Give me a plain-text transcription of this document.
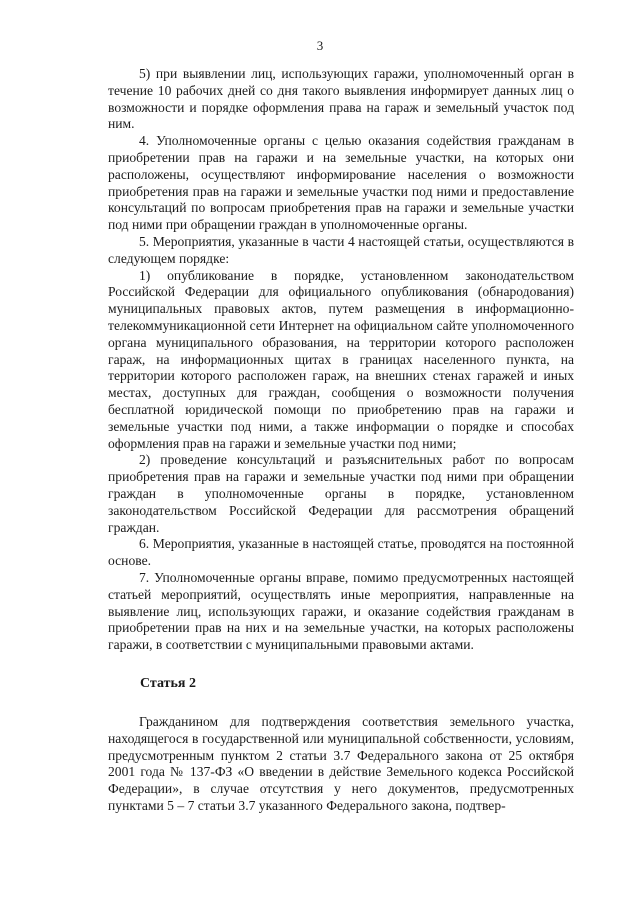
3

5) при выявлении лиц, использующих гаражи, уполномоченный орган в течение 10 рабочих дней со дня такого выявления информирует данных лиц о возможности и порядке оформления права на гараж и земельный участок под ним.

4. Уполномоченные органы с целью оказания содействия гражданам в приобретении прав на гаражи и на земельные участки, на которых они расположены, осуществляют информирование населения о возможности приобретения прав на гаражи и земельные участки под ними и предоставление консультаций по вопросам приобретения прав на гаражи и земельные участки под ними при обращении граждан в уполномоченные органы.

5. Мероприятия, указанные в части 4 настоящей статьи, осуществляются в следующем порядке:

1) опубликование в порядке, установленном законодательством Российской Федерации для официального опубликования (обнародования) муниципальных правовых актов, путем размещения в информационно-телекоммуникационной сети Интернет на официальном сайте уполномоченного органа муниципального образования, на территории которого расположен гараж, на информационных щитах в границах населенного пункта, на территории которого расположен гараж, на внешних стенах гаражей и иных местах, доступных для граждан, сообщения о возможности получения бесплатной юридической помощи по приобретению прав на гаражи и земельные участки под ними, а также информации о порядке и способах оформления прав на гаражи и земельные участки под ними;

2) проведение консультаций и разъяснительных работ по вопросам приобретения прав на гаражи и земельные участки под ними при обращении граждан в уполномоченные органы в порядке, установленном законодательством Российской Федерации для рассмотрения обращений граждан.

6. Мероприятия, указанные в настоящей статье, проводятся на постоянной основе.

7. Уполномоченные органы вправе, помимо предусмотренных настоящей статьей мероприятий, осуществлять иные мероприятия, направленные на выявление лиц, использующих гаражи, и оказание содействия гражданам в приобретении прав на них и на земельные участки, на которых расположены гаражи, в соответствии с муниципальными правовыми актами.

Статья 2

Гражданином для подтверждения соответствия земельного участка, находящегося в государственной или муниципальной собственности, условиям, предусмотренным пунктом 2 статьи 3.7 Федерального закона от 25 октября 2001 года № 137-ФЗ «О введении в действие Земельного кодекса Российской Федерации», в случае отсутствия у него документов, предусмотренных пунктами 5 – 7 статьи 3.7 указанного Федерального закона, подтвер-
